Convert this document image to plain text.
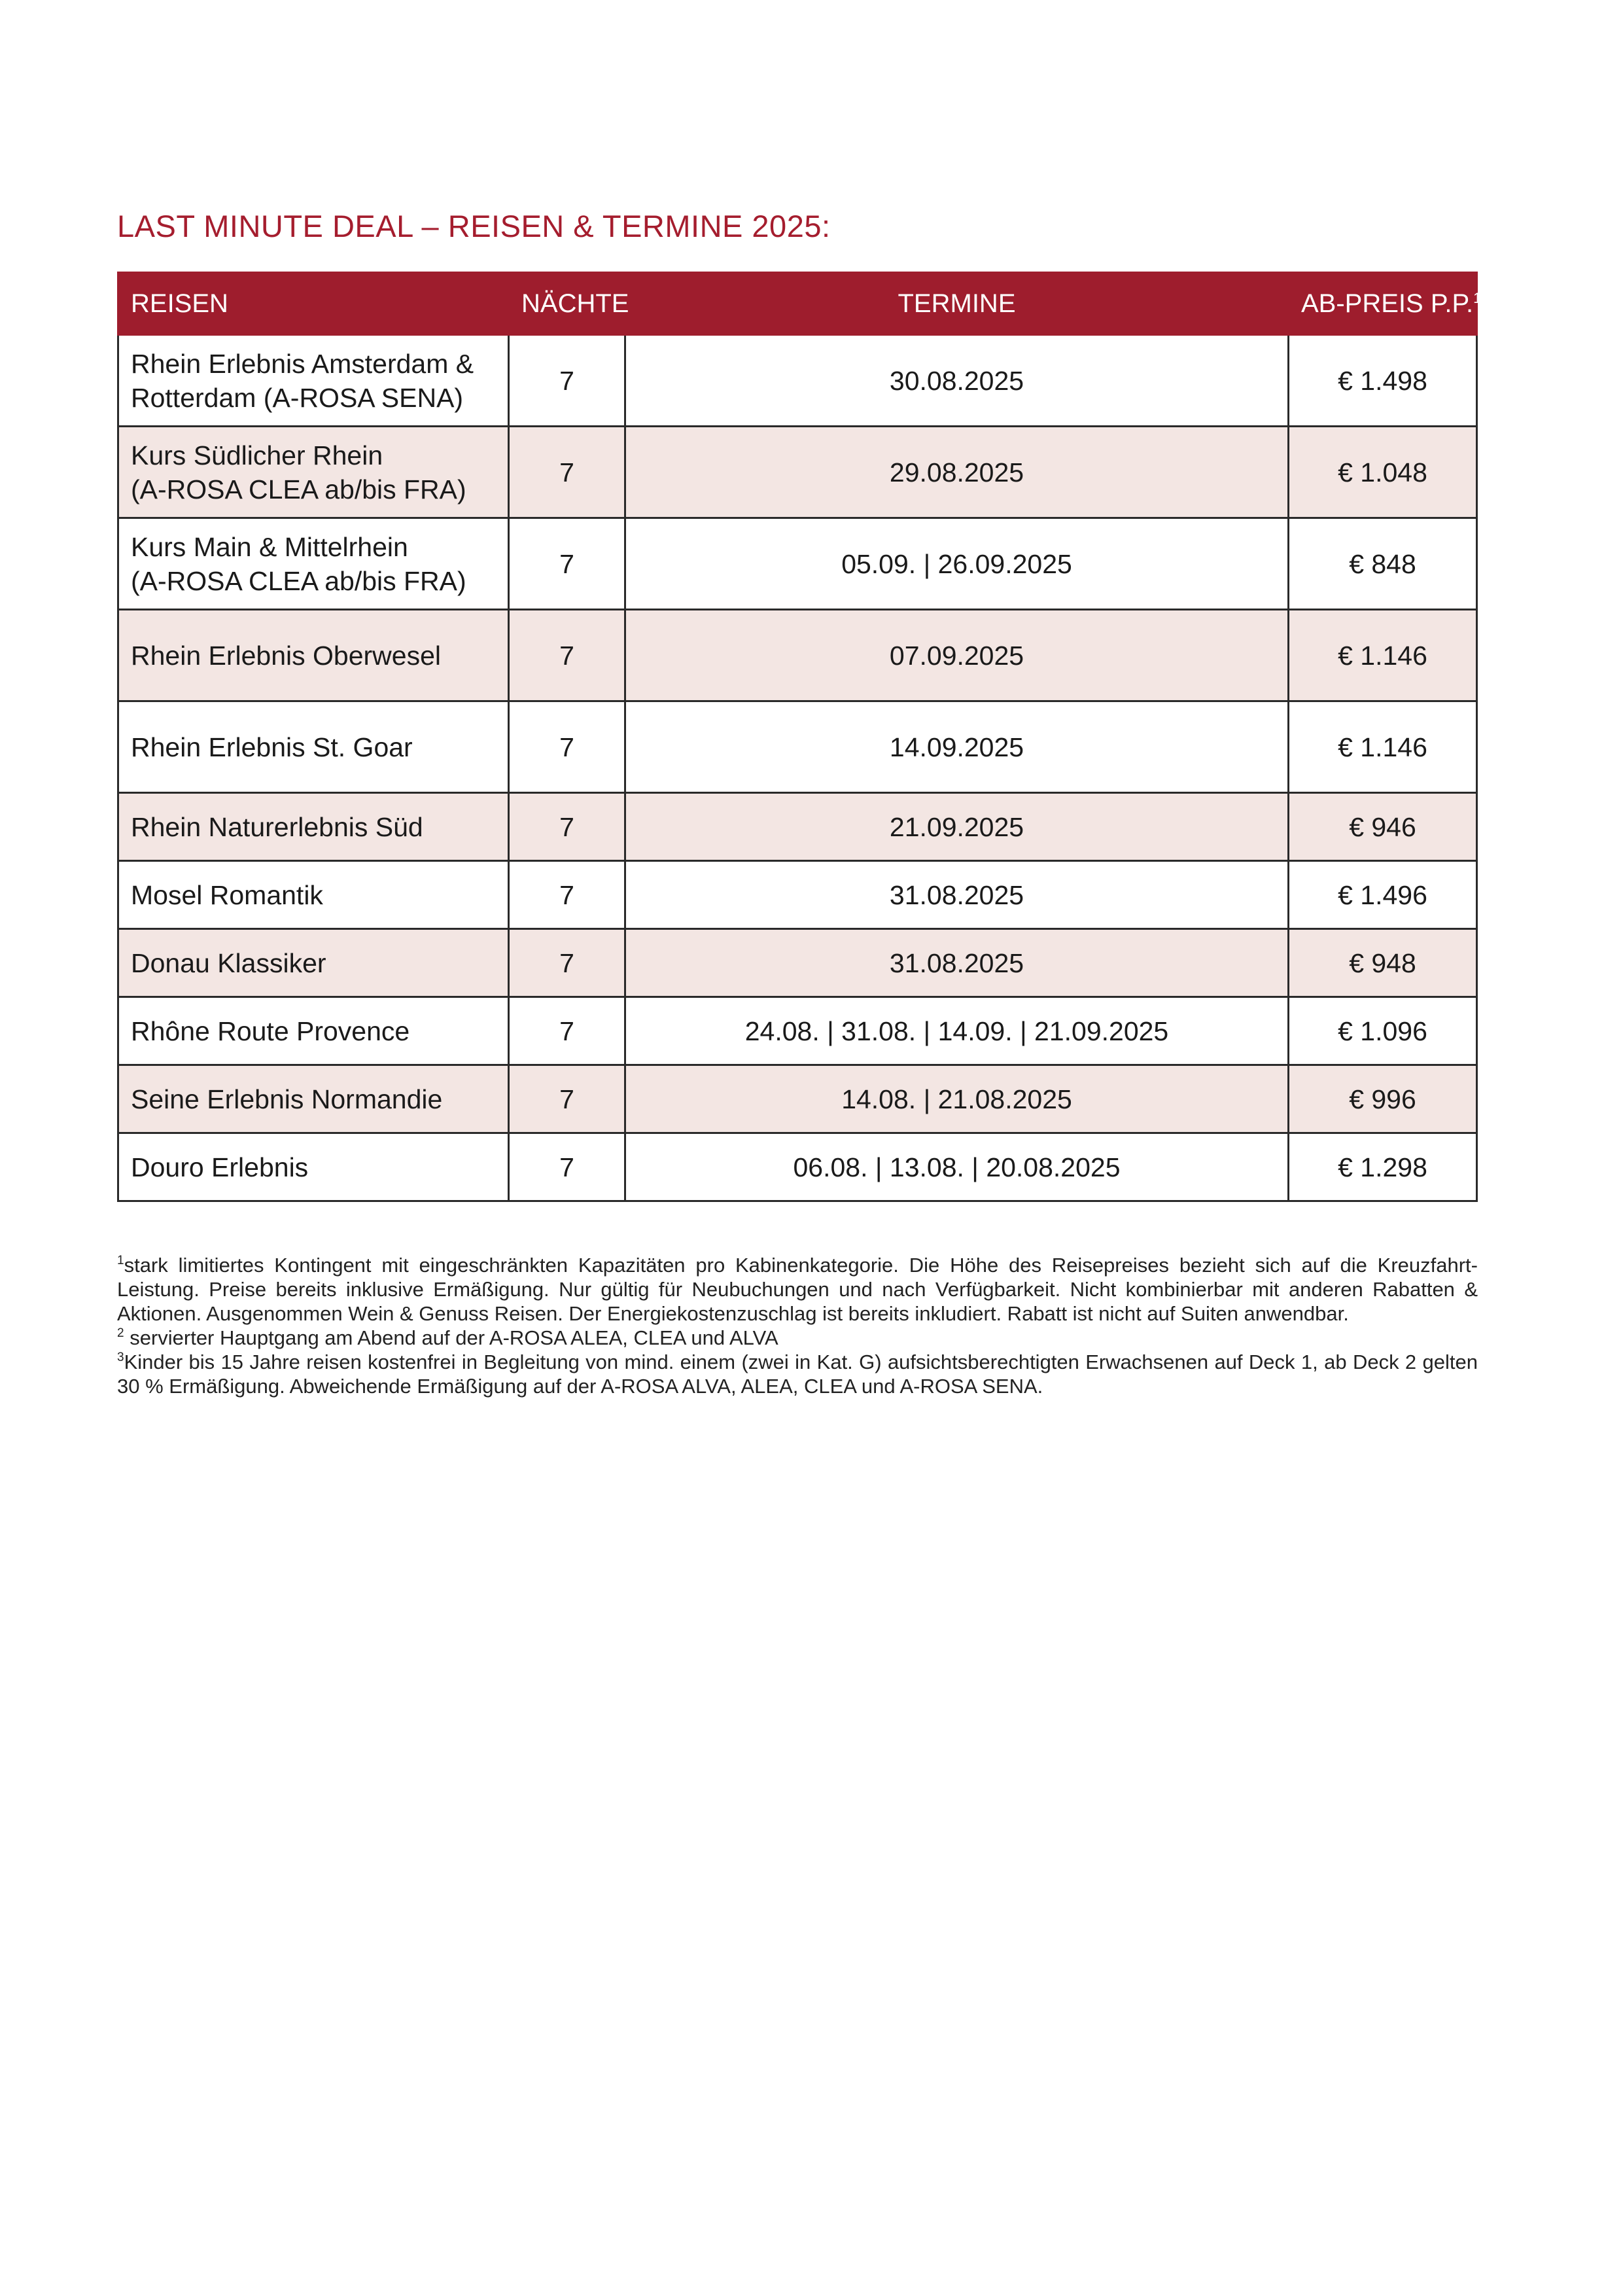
LAST MINUTE DEAL – REISEN & TERMINE 2025:
REISEN	NÄCHTE	TERMINE	AB-PREIS P.P.$^1$
Rhein Erlebnis Amsterdam &
Rotterdam (A-ROSA SENA)	7	30.08.2025	€ 1.498
Kurs Südlicher Rhein
(A-ROSA CLEA ab/bis FRA)	7	29.08.2025	€ 1.048
Kurs Main & Mittelrhein
(A-ROSA CLEA ab/bis FRA)	7	05.09. | 26.09.2025	€ 848
Rhein Erlebnis Oberwesel	7	07.09.2025	€ 1.146
Rhein Erlebnis St. Goar	7	14.09.2025	€ 1.146
Rhein Naturerlebnis Süd	7	21.09.2025	€ 946
Mosel Romantik	7	31.08.2025	€ 1.496
Donau Klassiker	7	31.08.2025	€ 948
Rhône Route Provence	7	24.08. | 31.08. | 14.09. | 21.09.2025	€ 1.096
Seine Erlebnis Normandie	7	14.08. | 21.08.2025	€ 996
Douro Erlebnis	7	06.08. | 13.08. | 20.08.2025	€ 1.298

$^1$stark limitiertes Kontingent mit eingeschränkten Kapazitäten pro Kabinenkategorie. Die Höhe des Reisepreises bezieht sich auf die Kreuzfahrt-Leistung. Preise bereits inklusive Ermäßigung. Nur gültig für Neubuchungen und nach Verfügbarkeit. Nicht kombinierbar mit anderen Rabatten & Aktionen. Ausgenommen Wein & Genuss Reisen. Der Energiekostenzuschlag ist bereits inkludiert. Rabatt ist nicht auf Suiten anwendbar.

$^2$ servierter Hauptgang am Abend auf der A-ROSA ALEA, CLEA und ALVA

$^3$Kinder bis 15 Jahre reisen kostenfrei in Begleitung von mind. einem (zwei in Kat. G) aufsichtsberechtigten Erwachsenen auf Deck 1, ab Deck 2 gelten 30 % Ermäßigung. Abweichende Ermäßigung auf der A-ROSA ALVA, ALEA, CLEA und A-ROSA SENA.
